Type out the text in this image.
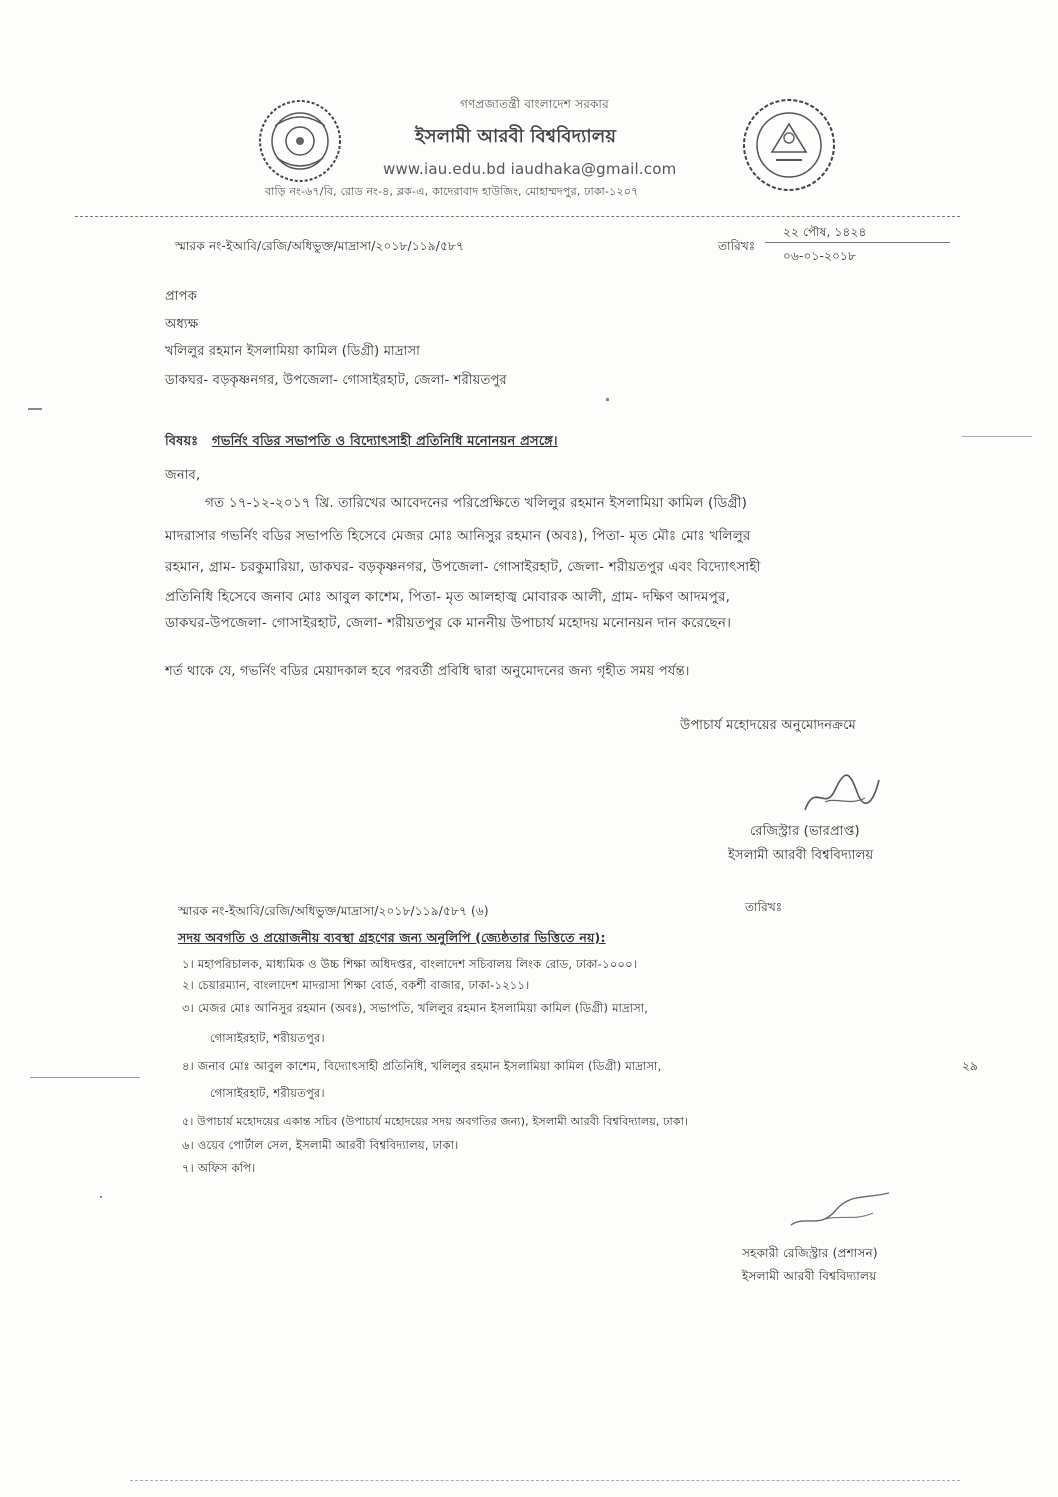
গণপ্রজাতন্ত্রী বাংলাদেশ সরকার
ইসলামী আরবী বিশ্ববিদ্যালয়
www.iau.edu.bd iaudhaka@gmail.com
বাড়ি নং-৬৭/বি, রোড নং-৪, ব্লক-এ, কাদেরাবাদ হাউজিং, মোহাম্মদপুর, ঢাকা-১২০৭
স্মারক নং-ইআবি/রেজি/অধিভুক্ত/মাদ্রাসা/২০১৮/১১৯/৫৮৭	তারিখঃ
২২ পৌষ, ১৪২৪
০৬-০১-২০১৮
প্রাপক
অধ্যক্ষ
খলিলুর রহমান ইসলামিয়া কামিল (ডিগ্রী) মাদ্রাসা
ডাকঘর- বড়কৃষ্ণনগর, উপজেলা- গোসাইরহাট, জেলা- শরীয়তপুর
বিষয়ঃ গভর্নিং বডির সভাপতি ও বিদ্যোৎসাহী প্রতিনিধি মনোনয়ন প্রসঙ্গে।
জনাব,
গত ১৭-১২-২০১৭ খ্রি. তারিখের আবেদনের পরিপ্রেক্ষিতে খলিলুর রহমান ইসলামিয়া কামিল (ডিগ্রী)
মাদরাসার গভর্নিং বডির সভাপতি হিসেবে মেজর মোঃ আনিসুর রহমান (অবঃ), পিতা- মৃত মৌঃ মোঃ খলিলুর
রহমান, গ্রাম- চরকুমারিয়া, ডাকঘর- বড়কৃষ্ণনগর, উপজেলা- গোসাইরহাট, জেলা- শরীয়তপুর এবং বিদ্যোৎসাহী
প্রতিনিধি হিসেবে জনাব মোঃ আবুল কাশেম, পিতা- মৃত আলহাজ্ব মোবারক আলী, গ্রাম- দক্ষিণ আদমপুর,
ডাকঘর-উপজেলা- গোসাইরহাট, জেলা- শরীয়তপুর কে মাননীয় উপাচার্য মহোদয় মনোনয়ন দান করেছেন।
শর্ত থাকে যে, গভর্নিং বডির মেয়াদকাল হবে পরবর্তী প্রবিধি দ্বারা অনুমোদনের জন্য গৃহীত সময় পর্যন্ত।
উপাচার্য মহোদয়ের অনুমোদনক্রমে
রেজিস্ট্রার (ভারপ্রাপ্ত)
ইসলামী আরবী বিশ্ববিদ্যালয়
স্মারক নং-ইআবি/রেজি/অধিভুক্ত/মাদ্রাসা/২০১৮/১১৯/৫৮৭ (৬)	তারিখঃ
সদয় অবগতি ও প্রয়োজনীয় ব্যবস্থা গ্রহণের জন্য অনুলিপি (জ্যেষ্ঠতার ভিত্তিতে নয়):
১। মহাপরিচালক, মাধ্যমিক ও উচ্চ শিক্ষা অধিদপ্তর, বাংলাদেশ সচিবালয় লিংক রোড, ঢাকা-১০০০।
২। চেয়ারম্যান, বাংলাদেশ মাদরাসা শিক্ষা বোর্ড, বকশী বাজার, ঢাকা-১২১১।
৩। মেজর মোঃ আনিসুর রহমান (অবঃ), সভাপতি, খলিলুর রহমান ইসলামিয়া কামিল (ডিগ্রী) মাদ্রাসা,
গোসাইরহাট, শরীয়তপুর।
৪। জনাব মোঃ আবুল কাশেম, বিদ্যোৎসাহী প্রতিনিধি, খলিলুর রহমান ইসলামিয়া কামিল (ডিগ্রী) মাদ্রাসা,
গোসাইরহাট, শরীয়তপুর।
৫। উপাচার্য মহোদয়ের একান্ত সচিব (উপাচার্য মহোদয়ের সদয় অবগতির জন্য), ইসলামী আরবী বিশ্ববিদ্যালয়, ঢাকা।
৬। ওয়েব পোর্টাল সেল, ইসলামী আরবী বিশ্ববিদ্যালয়, ঢাকা।
৭। অফিস কপি।
২৯
সহকারী রেজিস্ট্রার (প্রশাসন)
ইসলামী আরবী বিশ্ববিদ্যালয়
